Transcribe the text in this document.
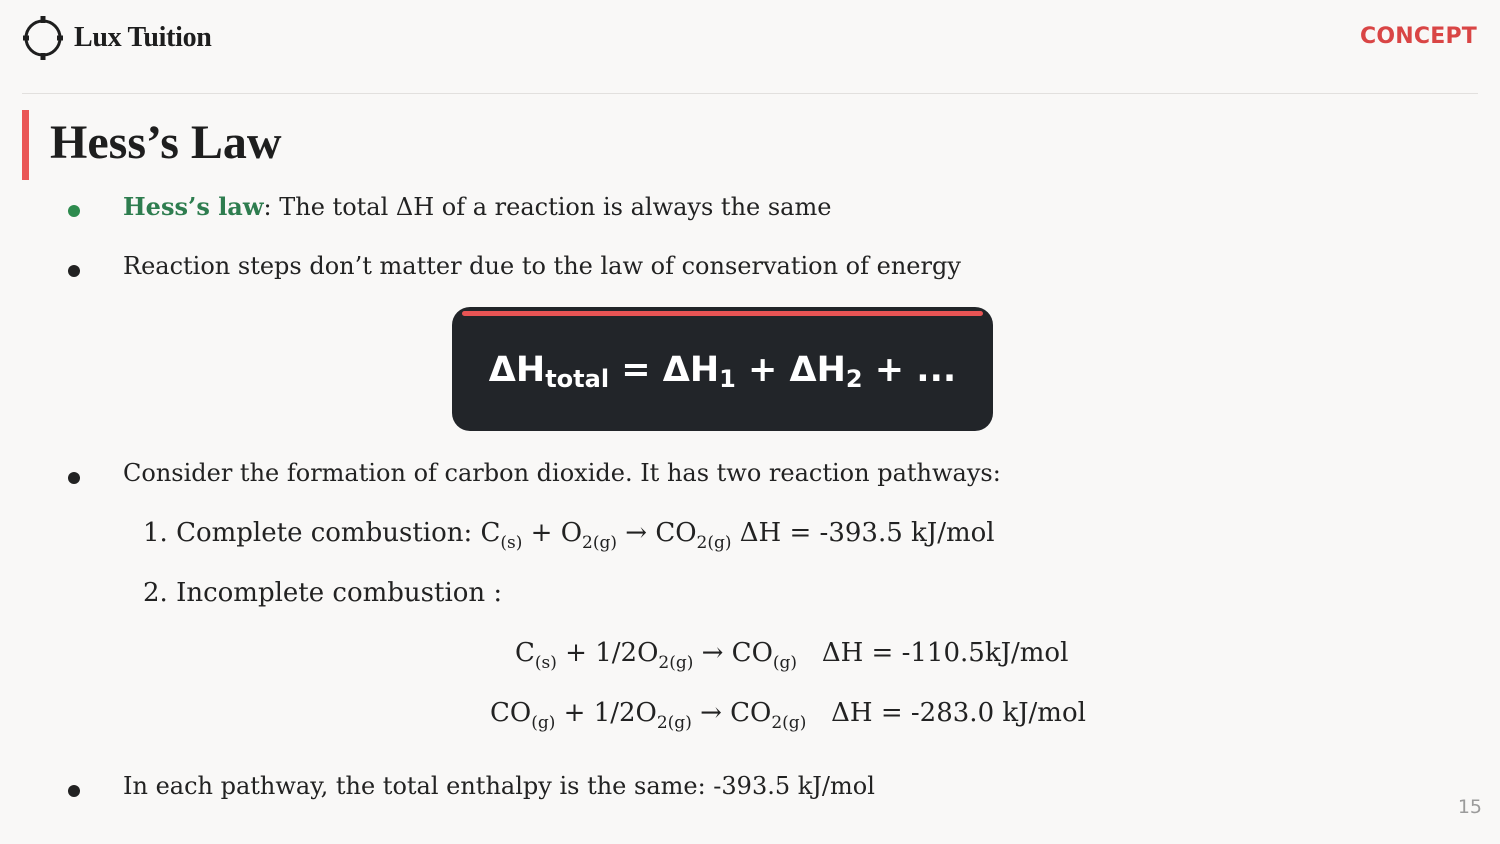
Lux Tuition	CONCEPT
Hess’s Law
Hess’s law: The total ΔH of a reaction is always the same
Reaction steps don’t matter due to the law of conservation of energy
$\Delta H_{total} = \Delta H_1 + \Delta H_2$ + ...
Consider the formation of carbon dioxide. It has two reaction pathways:
1. Complete combustion: $C_{(s)} + O_{2(g)} \to CO_{2(g)}$ ΔH = -393.5 kJ/mol
2. Incomplete combustion :
$C_{(s)} + 1/2O_{2(g)} \to CO_{(g)}$   ΔH = -110.5kJ/mol
$CO_{(g)} + 1/2O_{2(g)} \to CO_{2(g)}$   ΔH = -283.0 kJ/mol
In each pathway, the total enthalpy is the same: -393.5 kJ/mol
15
